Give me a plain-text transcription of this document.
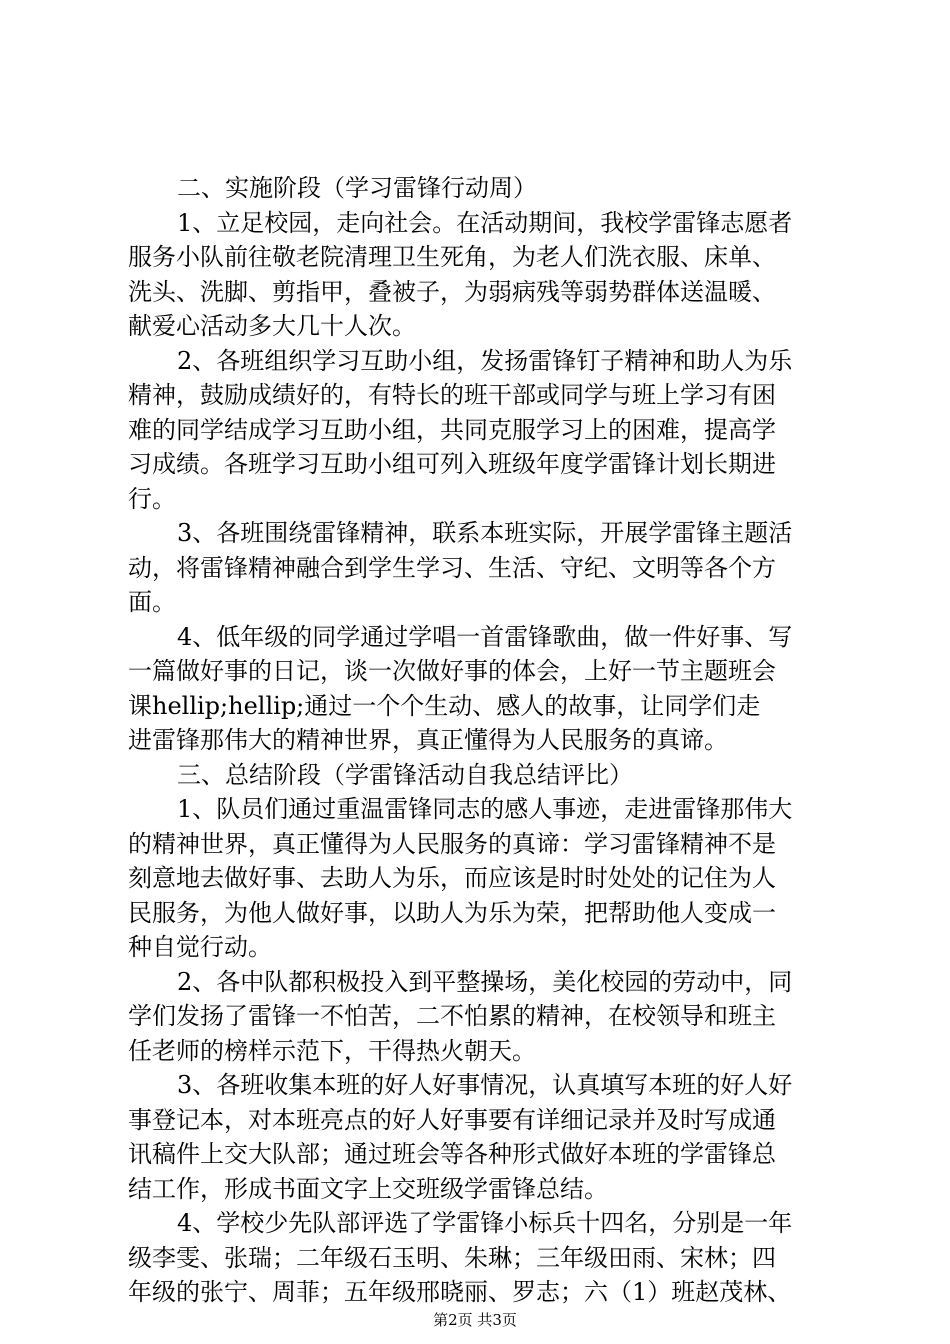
二、实施阶段（学习雷锋行动周）
1、立足校园，走向社会。在活动期间，我校学雷锋志愿者
服务小队前往敬老院清理卫生死角，为老人们洗衣服、床单、
洗头、洗脚、剪指甲，叠被子，为弱病残等弱势群体送温暖、
献爱心活动多大几十人次。
2、各班组织学习互助小组，发扬雷锋钉子精神和助人为乐
精神，鼓励成绩好的，有特长的班干部或同学与班上学习有困
难的同学结成学习互助小组，共同克服学习上的困难，提高学
习成绩。各班学习互助小组可列入班级年度学雷锋计划长期进
行。
3、各班围绕雷锋精神，联系本班实际，开展学雷锋主题活
动，将雷锋精神融合到学生学习、生活、守纪、文明等各个方
面。
4、低年级的同学通过学唱一首雷锋歌曲，做一件好事、写
一篇做好事的日记，谈一次做好事的体会，上好一节主题班会
课hellip;hellip;通过一个个生动、感人的故事，让同学们走
进雷锋那伟大的精神世界，真正懂得为人民服务的真谛。
三、总结阶段（学雷锋活动自我总结评比）
1、队员们通过重温雷锋同志的感人事迹，走进雷锋那伟大
的精神世界，真正懂得为人民服务的真谛：学习雷锋精神不是
刻意地去做好事、去助人为乐，而应该是时时处处的记住为人
民服务，为他人做好事，以助人为乐为荣，把帮助他人变成一
种自觉行动。
2、各中队都积极投入到平整操场，美化校园的劳动中，同
学们发扬了雷锋一不怕苦，二不怕累的精神，在校领导和班主
任老师的榜样示范下，干得热火朝天。
3、各班收集本班的好人好事情况，认真填写本班的好人好
事登记本，对本班亮点的好人好事要有详细记录并及时写成通
讯稿件上交大队部；通过班会等各种形式做好本班的学雷锋总
结工作，形成书面文字上交班级学雷锋总结。
4、学校少先队部评选了学雷锋小标兵十四名，分别是一年
级李雯、张瑞；二年级石玉明、朱琳；三年级田雨、宋林；四
年级的张宁、周菲；五年级邢晓丽、罗志；六（1）班赵茂林、
第2页 共3页
